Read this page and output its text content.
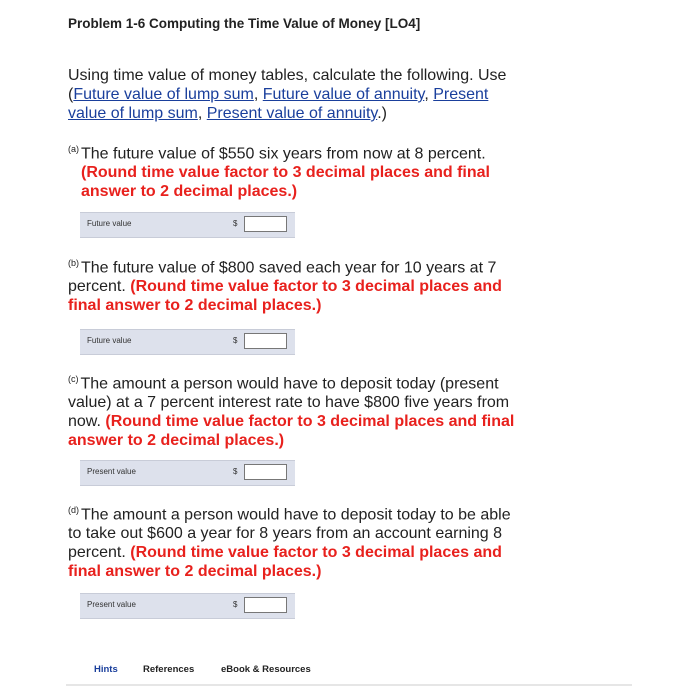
Problem 1-6 Computing the Time Value of Money [LO4]
Using time value of money tables, calculate the following. Use (Future value of lump sum, Future value of annuity, Present value of lump sum, Present value of annuity.)
$^{(a)}$ The future value of $550 six years from now at 8 percent.
(Round time value factor to 3 decimal places and final answer to 2 decimal places.)
Future value	$
$^{(b)}$ The future value of $800 saved each year for 10 years at 7 percent. (Round time value factor to 3 decimal places and final answer to 2 decimal places.)
Future value	$
$^{(c)}$ The amount a person would have to deposit today (present value) at a 7 percent interest rate to have $800 five years from now. (Round time value factor to 3 decimal places and final answer to 2 decimal places.)
Present value	$
$^{(d)}$ The amount a person would have to deposit today to be able to take out $600 a year for 8 years from an account earning 8 percent. (Round time value factor to 3 decimal places and final answer to 2 decimal places.)
Present value	$
Hints	References	eBook & Resources
